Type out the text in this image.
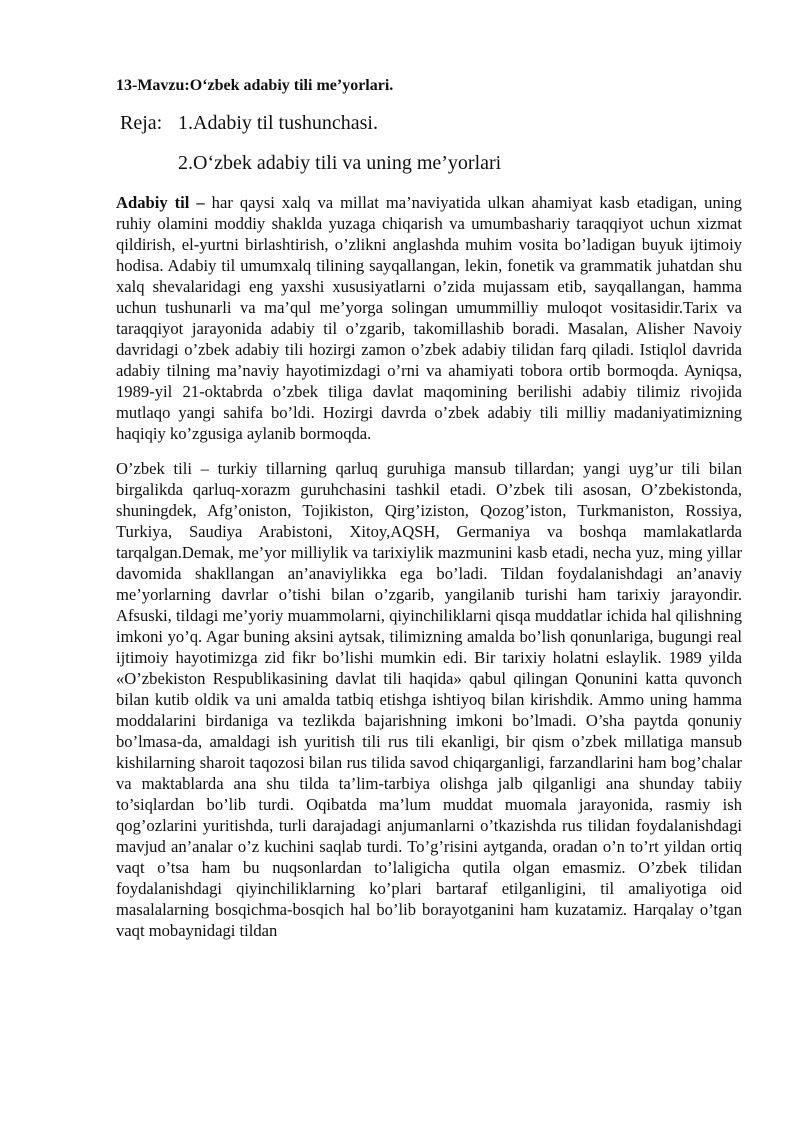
13-Mavzu:O‘zbek adabiy tili me’yorlari.
Reja: 1.Adabiy til tushunchasi.
2.O‘zbek adabiy tili va uning me’yorlari

Adabiy til – har qaysi xalq va millat ma’naviyatida ulkan ahamiyat kasb etadigan, uning ruhiy olamini moddiy shaklda yuzaga chiqarish va umumbashariy taraqqiyot uchun xizmat qildirish, el-yurtni birlashtirish, o’zlikni anglashda muhim vosita bo’ladigan buyuk ijtimoiy hodisa. Adabiy til umumxalq tilining sayqallangan, lekin, fonetik va grammatik juhatdan shu xalq shevalaridagi eng yaxshi xususiyatlarni o’zida mujassam etib, sayqallangan, hamma uchun tushunarli va ma’qul me’yorga solingan umummilliy muloqot vositasidir.Tarix va taraqqiyot jarayonida adabiy til o’zgarib, takomillashib boradi. Masalan, Alisher Navoiy davridagi o’zbek adabiy tili hozirgi zamon o’zbek adabiy tilidan farq qiladi. Istiqlol davrida adabiy tilning ma’naviy hayotimizdagi o’rni va ahamiyati tobora ortib bormoqda. Ayniqsa, 1989-yil 21-oktabrda o’zbek tiliga davlat maqomining berilishi adabiy tilimiz rivojida mutlaqo yangi sahifa bo’ldi. Hozirgi davrda o’zbek adabiy tili milliy madaniyatimizning haqiqiy ko’zgusiga aylanib bormoqda.

O’zbek tili – turkiy tillarning qarluq guruhiga mansub tillardan; yangi uyg’ur tili bilan birgalikda qarluq-xorazm guruhchasini tashkil etadi. O’zbek tili asosan, O’zbekistonda, shuningdek, Afg’oniston, Tojikiston, Qirg’iziston, Qozog’iston, Turkmaniston, Rossiya, Turkiya, Saudiya Arabistoni, Xitoy,AQSH, Germaniya va boshqa mamlakatlarda tarqalgan.Demak, me’yor milliylik va tarixiylik mazmunini kasb etadi, necha yuz, ming yillar davomida shakllangan an’anaviylikka ega bo’ladi. Tildan foydalanishdagi an’anaviy me’yorlarning davrlar o’tishi bilan o’zgarib, yangilanib turishi ham tarixiy jarayondir. Afsuski, tildagi me’yoriy muammolarni, qiyinchiliklarni qisqa muddatlar ichida hal qilishning imkoni yo’q. Agar buning aksini aytsak, tilimizning amalda bo’lish qonunlariga, bugungi real ijtimoiy hayotimizga zid fikr bo’lishi mumkin edi. Bir tarixiy holatni eslaylik. 1989 yilda «O’zbekiston Respublikasining davlat tili haqida» qabul qilingan Qonunini katta quvonch bilan kutib oldik va uni amalda tatbiq etishga ishtiyoq bilan kirishdik. Ammo uning hamma moddalarini birdaniga va tezlikda bajarishning imkoni bo’lmadi. O’sha paytda qonuniy bo’lmasa-da, amaldagi ish yuritish tili rus tili ekanligi, bir qism o’zbek millatiga mansub kishilarning sharoit taqozosi bilan rus tilida savod chiqarganligi, farzandlarini ham bog’chalar va maktablarda ana shu tilda ta’lim-tarbiya olishga jalb qilganligi ana shunday tabiiy to’siqlardan bo’lib turdi. Oqibatda ma’lum muddat muomala jarayonida, rasmiy ish qog’ozlarini yuritishda, turli darajadagi anjumanlarni o’tkazishda rus tilidan foydalanishdagi mavjud an’analar o’z kuchini saqlab turdi. To’g’risini aytganda, oradan o’n to’rt yildan ortiq vaqt o’tsa ham bu nuqsonlardan to’laligicha qutila olgan emasmiz. O’zbek tilidan foydalanishdagi qiyinchiliklarning ko’plari bartaraf etilganligini, til amaliyotiga oid masalalarning bosqichma-bosqich hal bo’lib borayotganini ham kuzatamiz. Harqalay o’tgan vaqt mobaynidagi tildan
